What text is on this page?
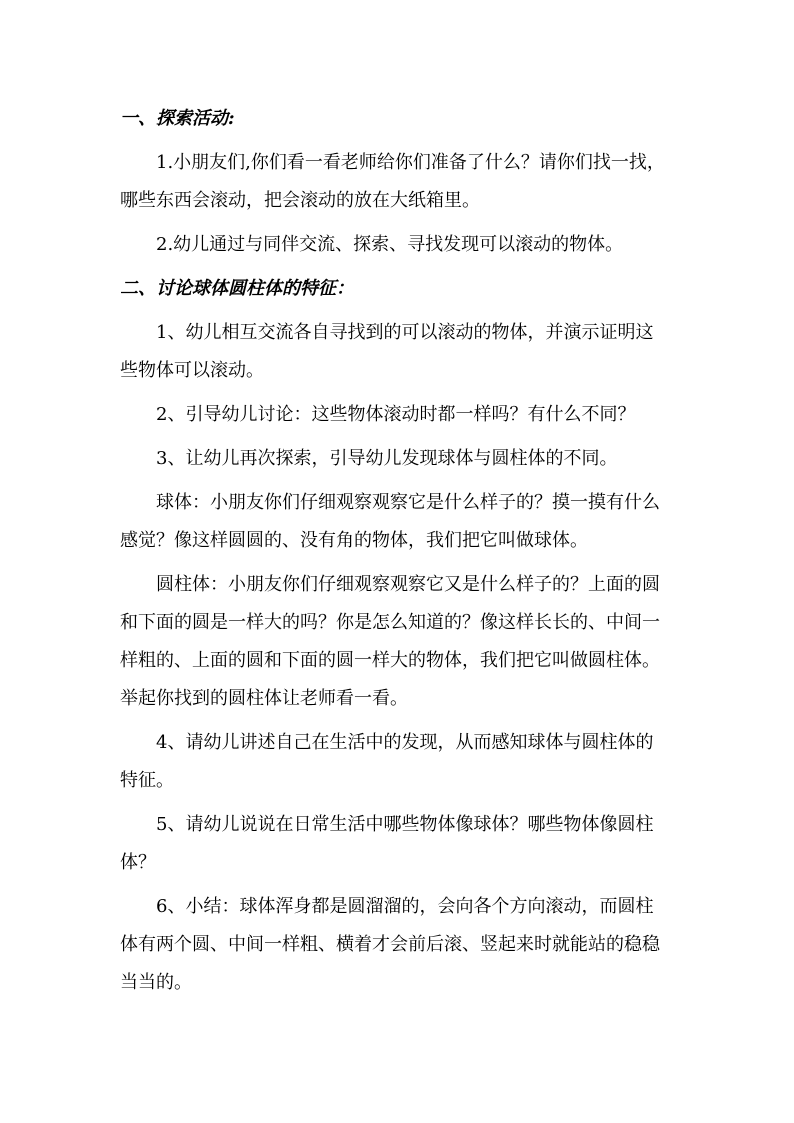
一、探索活动:
1.小朋友们,你们看一看老师给你们准备了什么？请你们找一找，
哪些东西会滚动，把会滚动的放在大纸箱里。
2.幼儿通过与同伴交流、探索、寻找发现可以滚动的物体。
二、讨论球体圆柱体的特征：
1、幼儿相互交流各自寻找到的可以滚动的物体，并演示证明这
些物体可以滚动。
2、引导幼儿讨论：这些物体滚动时都一样吗？有什么不同？
3、让幼儿再次探索，引导幼儿发现球体与圆柱体的不同。
球体：小朋友你们仔细观察观察它是什么样子的？摸一摸有什么
感觉？像这样圆圆的、没有角的物体，我们把它叫做球体。
圆柱体：小朋友你们仔细观察观察它又是什么样子的？上面的圆
和下面的圆是一样大的吗？你是怎么知道的？像这样长长的、中间一
样粗的、上面的圆和下面的圆一样大的物体，我们把它叫做圆柱体。
举起你找到的圆柱体让老师看一看。
4、请幼儿讲述自己在生活中的发现，从而感知球体与圆柱体的
特征。
5、请幼儿说说在日常生活中哪些物体像球体？哪些物体像圆柱
体？
6、小结：球体浑身都是圆溜溜的，会向各个方向滚动，而圆柱
体有两个圆、中间一样粗、横着才会前后滚、竖起来时就能站的稳稳
当当的。
